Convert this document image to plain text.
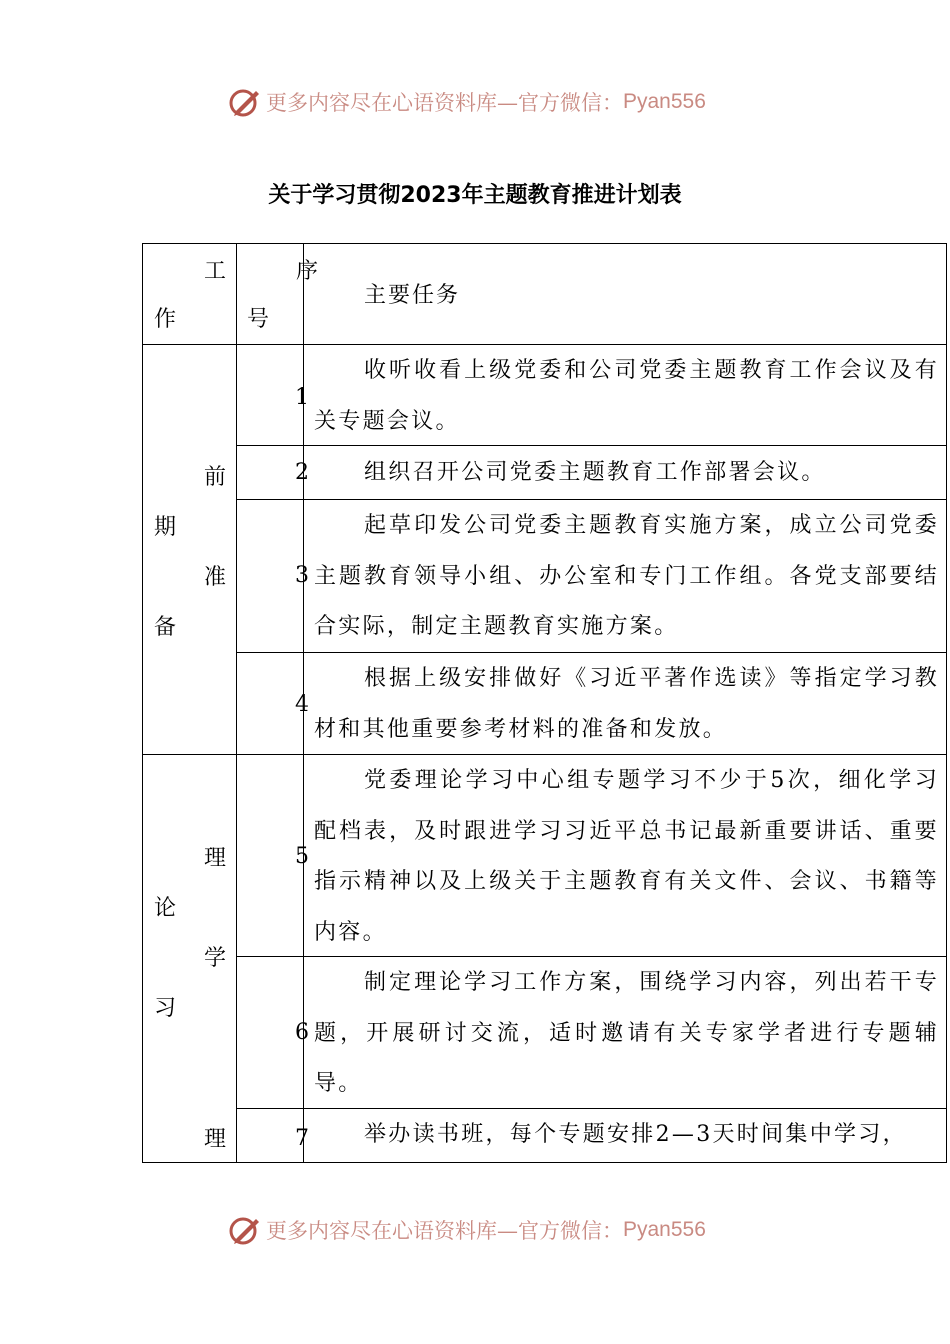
更多内容尽在心语资料库—官方微信： Pyan556
关于学习贯彻2023年主题教育推进计划表
工
作
序
号
主要任务
前
期
准
备
理
论
学
习
理
1
收听收看上级党委和公司党委主题教育工作会议及有关专题会议。
2	组织召开公司党委主题教育工作部署会议。
3
起草印发公司党委主题教育实施方案，成立公司党委主题教育领导小组、办公室和专门工作组。各党支部要结合实际，制定主题教育实施方案。
4
根据上级安排做好《习近平著作选读》等指定学习教材和其他重要参考材料的准备和发放。
5
党委理论学习中心组专题学习不少于5次，细化学习配档表，及时跟进学习习近平总书记最新重要讲话、重要指示精神以及上级关于主题教育有关文件、会议、书籍等内容。
6
制定理论学习工作方案，围绕学习内容，列出若干专题，开展研讨交流，适时邀请有关专家学者进行专题辅导。
7	举办读书班，每个专题安排2—3天时间集中学习，
更多内容尽在心语资料库—官方微信： Pyan556
